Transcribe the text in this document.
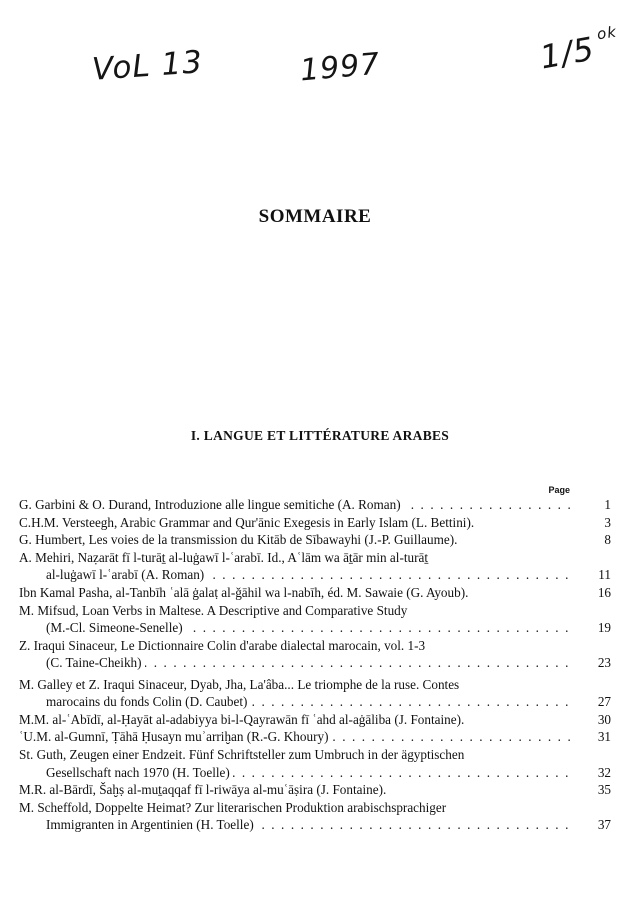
VoL 13	1997	1/5
ok
SOMMAIRE
I. LANGUE ET LITTÉRATURE ARABES
Page
G. Garbini & O. Durand, Introduzione alle lingue semitiche (A. Roman) . . .	1
C.H.M. Versteegh, Arabic Grammar and Qur'ānic Exegesis in Early Islam (L. Bettini).	3
G. Humbert, Les voies de la transmission du Kitāb de Sībawayhi (J.-P. Guillaume).	8
A. Mehiri, Naẓarāt fī l-turāṯ al-luġawī l-ʿarabī. Id., Aʿlām wa āṯār min al-turāṯ
al-luġawī l-ʿarabī (A. Roman) . . .	11
Ibn Kamal Pasha, al-Tanbīh ʿalā ġalaṭ al-ǧāhil wa l-nabīh, éd. M. Sawaie (G. Ayoub).	16
M. Mifsud, Loan Verbs in Maltese. A Descriptive and Comparative Study
(M.-Cl. Simeone-Senelle) . . .	19
Z. Iraqui Sinaceur, Le Dictionnaire Colin d'arabe dialectal marocain, vol. 1-3
(C. Taine-Cheikh) . . .	23
M. Galley et Z. Iraqui Sinaceur, Dyab, Jha, La'âba... Le triomphe de la ruse. Contes
marocains du fonds Colin (D. Caubet) . . .	27
M.M. al-ʿAbīdī, al-Ḥayāt al-adabiyya bi-l-Qayrawān fī ʿahd al-aġāliba (J. Fontaine).	30
ʿU.M. al-Gumnī, Ṭāhā Ḥusayn muʾarriḫan (R.-G. Khoury) . . .	31
St. Guth, Zeugen einer Endzeit. Fünf Schriftsteller zum Umbruch in der ägyptischen
Gesellschaft nach 1970 (H. Toelle) . . .	32
M.R. al-Bārdī, Šaḫṣ al-muṯaqqaf fī l-riwāya al-muʿāṣira (J. Fontaine).	35
M. Scheffold, Doppelte Heimat? Zur literarischen Produktion arabischsprachiger
Immigranten in Argentinien (H. Toelle) . . .	37
